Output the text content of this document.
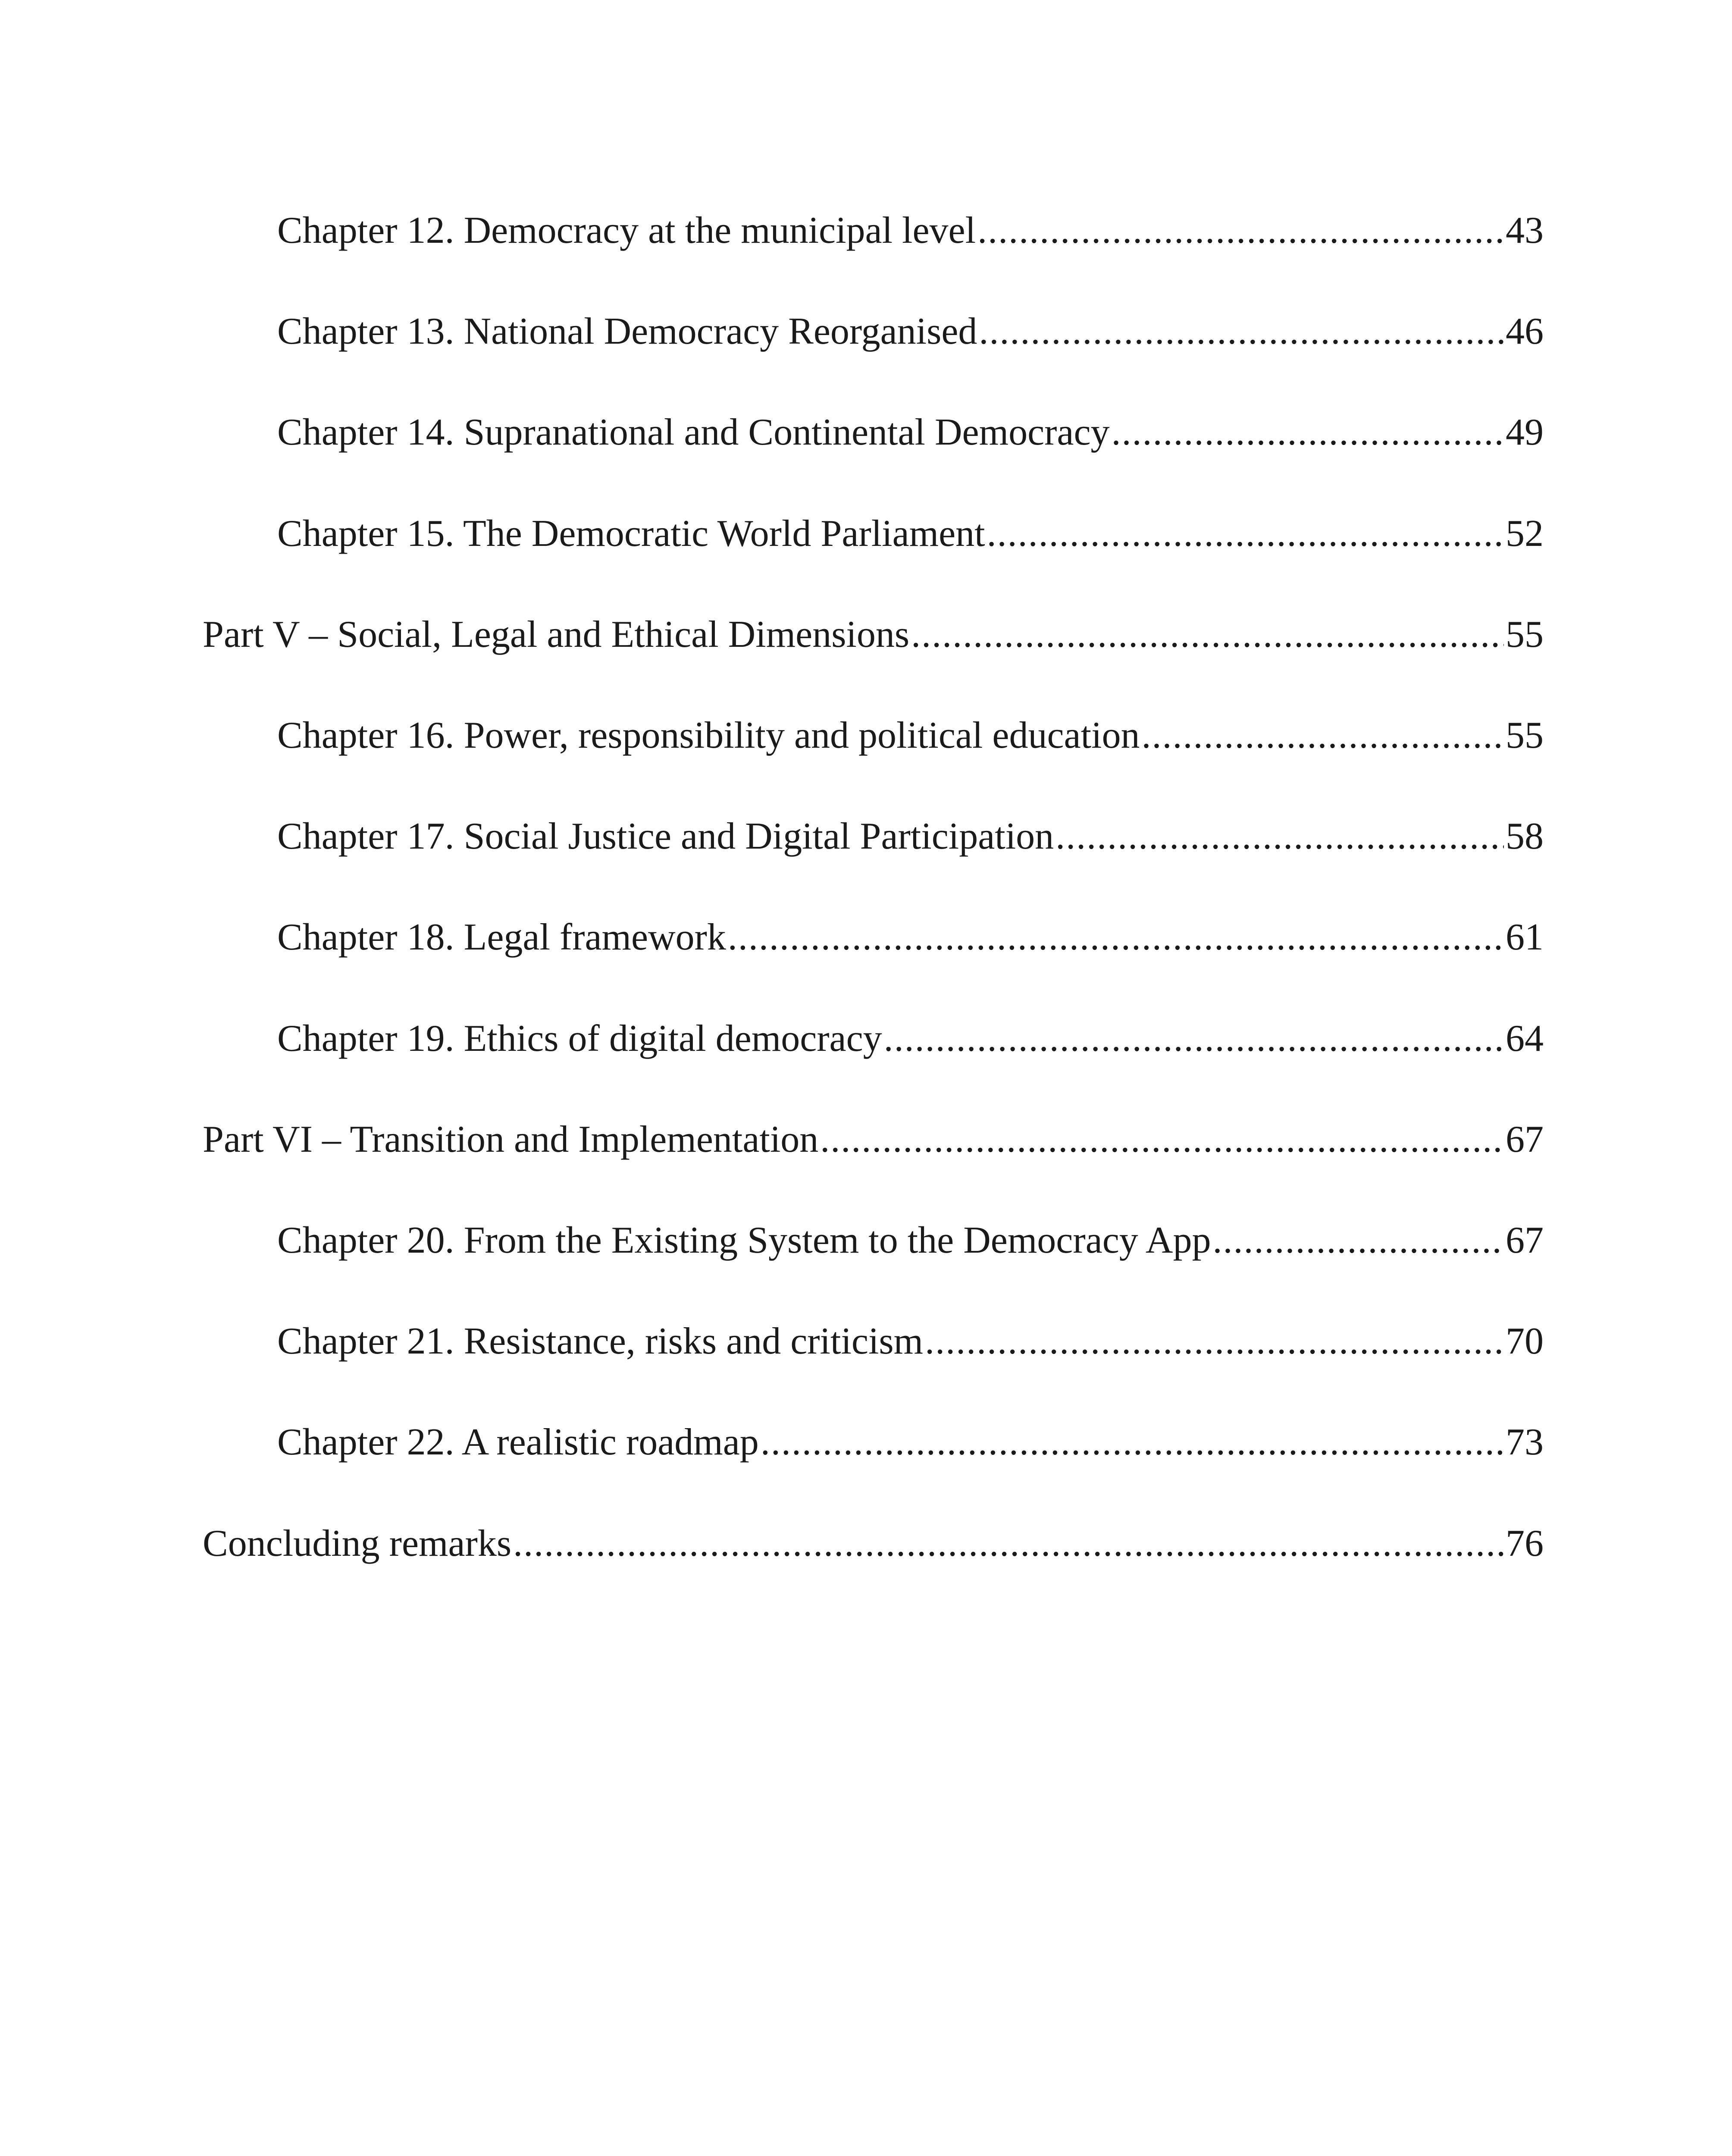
Chapter 12. Democracy at the municipal level .....	43
Chapter 13. National Democracy Reorganised .....	46
Chapter 14. Supranational and Continental Democracy .....	49
Chapter 15. The Democratic World Parliament .....	52
Part V – Social, Legal and Ethical Dimensions .....	55
Chapter 16. Power, responsibility and political education .....	55
Chapter 17. Social Justice and Digital Participation .....	58
Chapter 18. Legal framework .....	61
Chapter 19. Ethics of digital democracy .....	64
Part VI – Transition and Implementation .....	67
Chapter 20. From the Existing System to the Democracy App .....	67
Chapter 21. Resistance, risks and criticism .....	70
Chapter 22. A realistic roadmap .....	73
Concluding remarks .....	76
